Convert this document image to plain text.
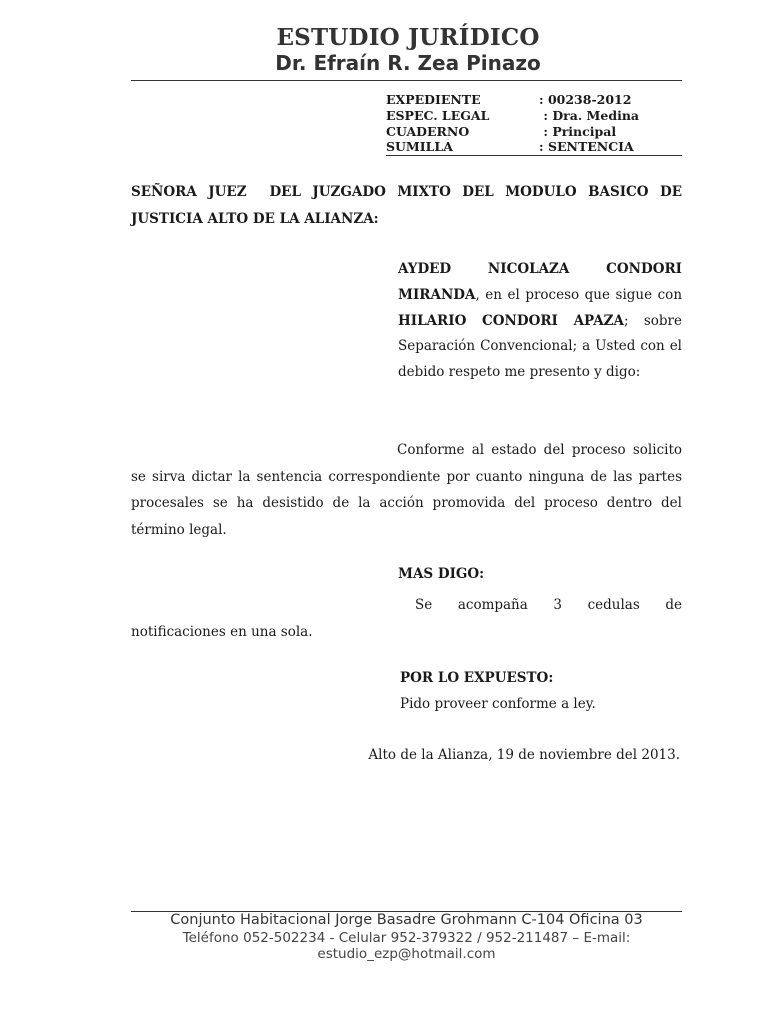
ESTUDIO JURÍDICO
Dr. Efraín R. Zea Pinazo
EXPEDIENTE	: 00238-2012
ESPEC. LEGAL	: Dra. Medina
CUADERNO	: Principal
SUMILLA	: SENTENCIA
SEÑORA JUEZ  DEL JUZGADO MIXTO DEL MODULO BASICO DE
JUSTICIA ALTO DE LA ALIANZA:
AYDED NICOLAZA CONDORI
MIRANDA, en el proceso que sigue con HILARIO CONDORI APAZA; sobre Separación Convencional; a Usted con el debido respeto me presento y digo:
Conforme al estado del proceso solicito se sirva dictar la sentencia correspondiente por cuanto ninguna de las partes procesales se ha desistido de la acción promovida del proceso dentro del término legal.
MAS DIGO:
Se acompaña 3 cedulas de notificaciones en una sola.
POR LO EXPUESTO:
Pido proveer conforme a ley.
Alto de la Alianza, 19 de noviembre del 2013.
Conjunto Habitacional Jorge Basadre Grohmann C-104 Oficina 03
Teléfono 052-502234 - Celular 952-379322 / 952-211487 – E-mail: estudio_ezp@hotmail.com
